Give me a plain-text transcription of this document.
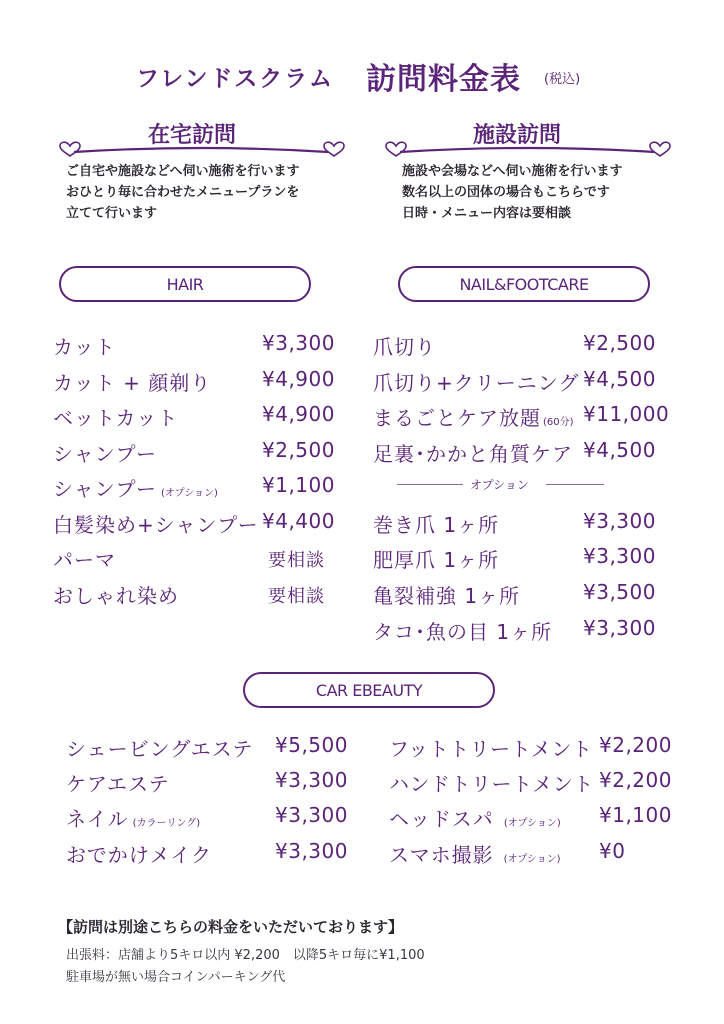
フレンドスクラム 訪問料金表 (税込)
在宅訪問
ご自宅や施設などへ伺い施術を行います
おひとり毎に合わせたメニュープランを
立てて行います
施設訪問
施設や会場などへ伺い施術を行います
数名以上の団体の場合もこちらです
日時・メニュー内容は要相談
HAIR	NAIL&FOOTCARE
カット	¥3,300
カット + 顔剃り	¥4,900
ベットカット	¥4,900
シャンプー	¥2,500
シャンプー (オプション) ¥1,100
白髪染め+シャンプー ¥4,400
パーマ	要相談
おしゃれ染め	要相談
爪切り	¥2,500
爪切り+クリーニング ¥4,500
まるごとケア放題 (60分) ¥11,000
足裏･かかと角質ケア ¥4,500
オプション
巻き爪 1ヶ所	¥3,300
肥厚爪 1ヶ所	¥3,300
亀裂補強 1ヶ所	¥3,500
タコ･魚の目 1ヶ所 ¥3,300
CAR EBEAUTY
シェービングエステ ¥5,500
ケアエステ	¥3,300
ネイル (カラーリング)	¥3,300
おでかけメイク	¥3,300
フットトリートメント ¥2,200
ハンドトリートメント ¥2,200
ヘッドスパ (オプション) ¥1,100
スマホ撮影 (オプション) ¥0
【訪問は別途こちらの料金をいただいております】
出張料：店舗より5キロ以内 ¥2,200　以降5キロ毎に¥1,100
駐車場が無い場合コインパーキング代
